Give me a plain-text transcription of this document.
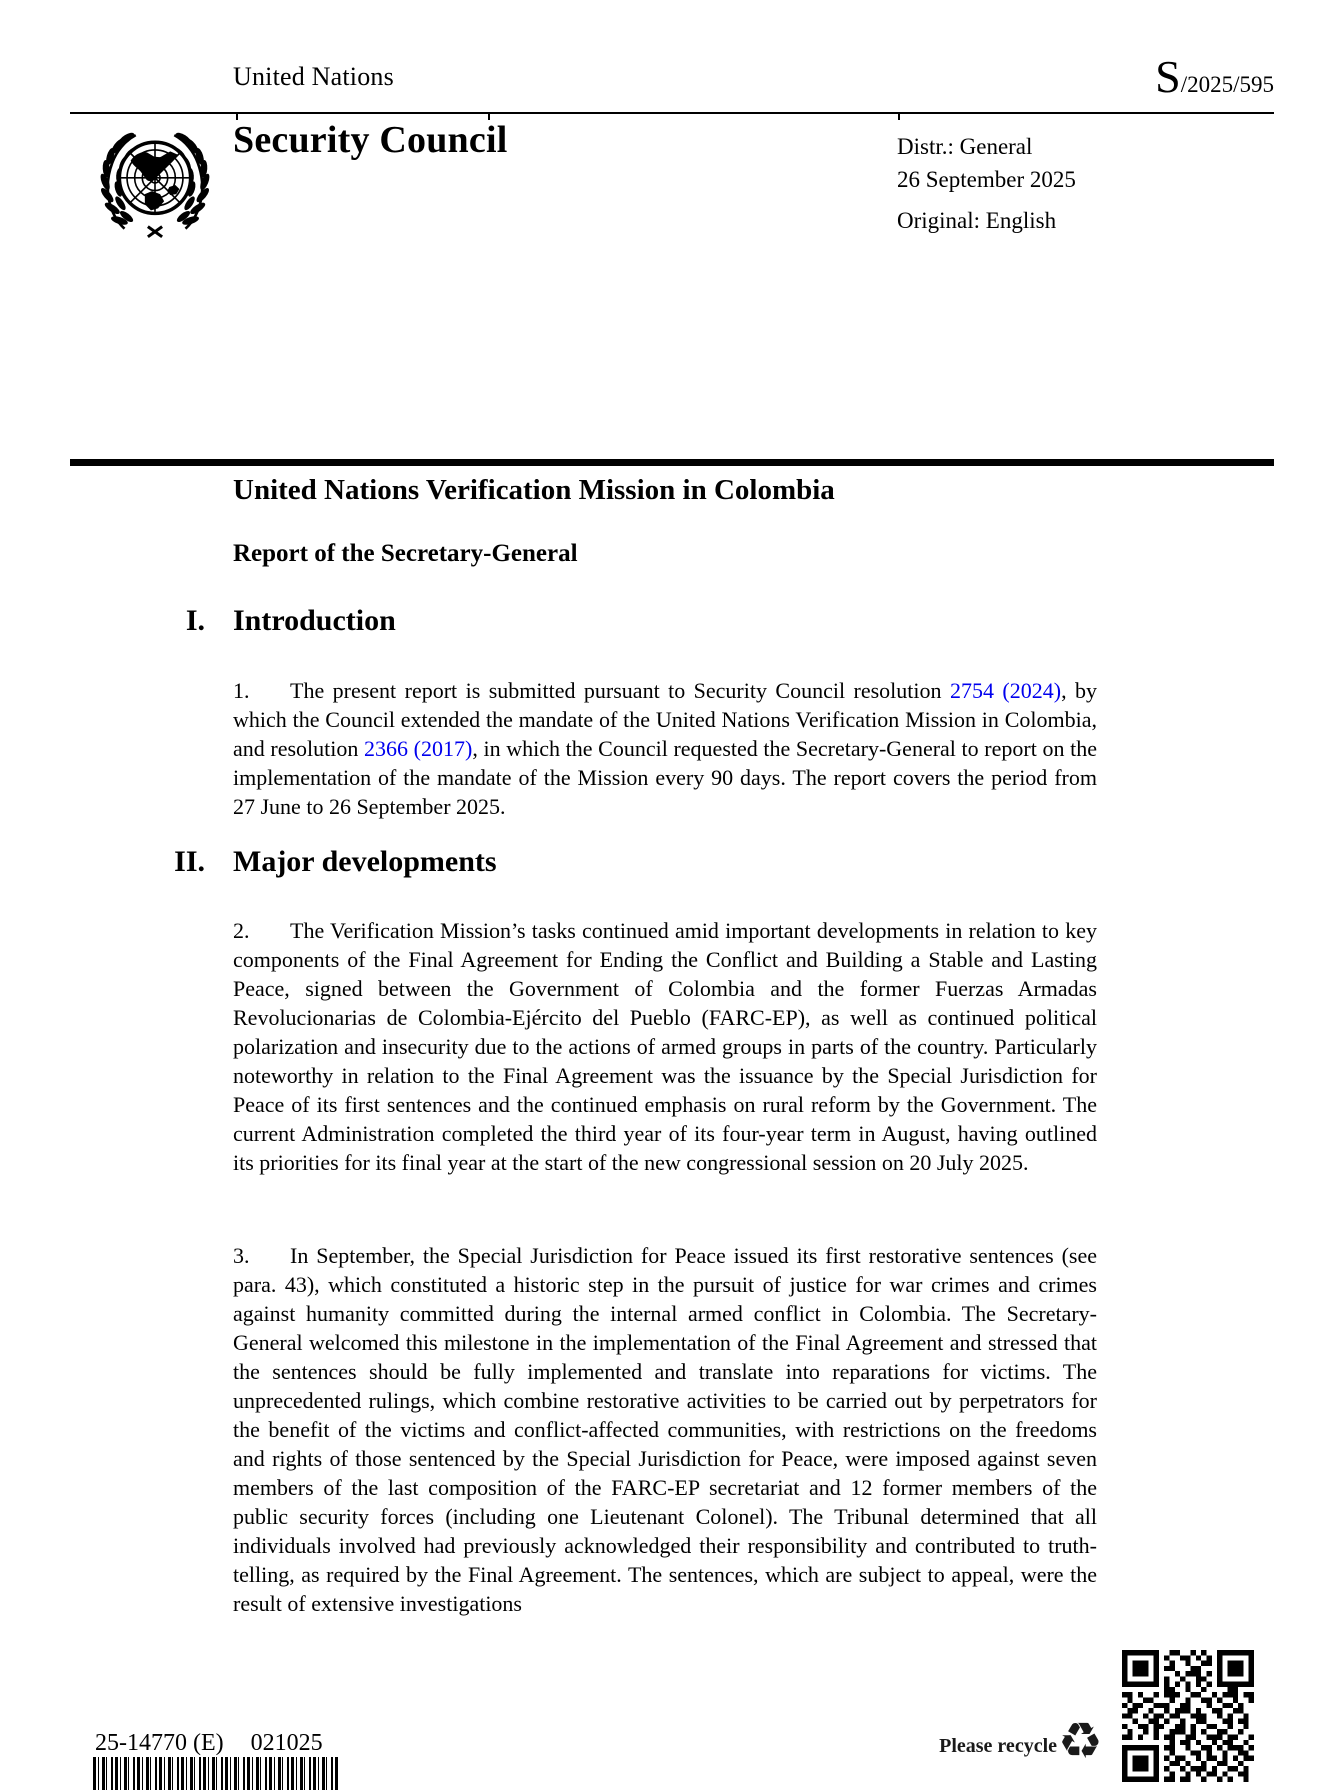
United Nations	S/2025/595
Security Council	Distr.: General
26 September 2025
Original: English
United Nations Verification Mission in Colombia
Report of the Secretary-General
I. Introduction

1. The present report is submitted pursuant to Security Council resolution 2754 (2024), by which the Council extended the mandate of the United Nations Verification Mission in Colombia, and resolution 2366 (2017), in which the Council requested the Secretary-General to report on the implementation of the mandate of the Mission every 90 days. The report covers the period from 27 June to 26 September 2025.

II. Major developments

2. The Verification Mission’s tasks continued amid important developments in relation to key components of the Final Agreement for Ending the Conflict and Building a Stable and Lasting Peace, signed between the Government of Colombia and the former Fuerzas Armadas Revolucionarias de Colombia-Ejército del Pueblo (FARC-EP), as well as continued political polarization and insecurity due to the actions of armed groups in parts of the country. Particularly noteworthy in relation to the Final Agreement was the issuance by the Special Jurisdiction for Peace of its first sentences and the continued emphasis on rural reform by the Government. The current Administration completed the third year of its four-year term in August, having outlined its priorities for its final year at the start of the new congressional session on 20 July 2025.

3. In September, the Special Jurisdiction for Peace issued its first restorative sentences (see para. 43), which constituted a historic step in the pursuit of justice for war crimes and crimes against humanity committed during the internal armed conflict in Colombia. The Secretary-General welcomed this milestone in the implementation of the Final Agreement and stressed that the sentences should be fully implemented and translate into reparations for victims. The unprecedented rulings, which combine restorative activities to be carried out by perpetrators for the benefit of the victims and conflict-affected communities, with restrictions on the freedoms and rights of those sentenced by the Special Jurisdiction for Peace, were imposed against seven members of the last composition of the FARC-EP secretariat and 12 former members of the public security forces (including one Lieutenant Colonel). The Tribunal determined that all individuals involved had previously acknowledged their responsibility and contributed to truth-telling, as required by the Final Agreement. The sentences, which are subject to appeal, were the result of extensive investigations

25-14770 (E) 021025	Please recycle ♻
